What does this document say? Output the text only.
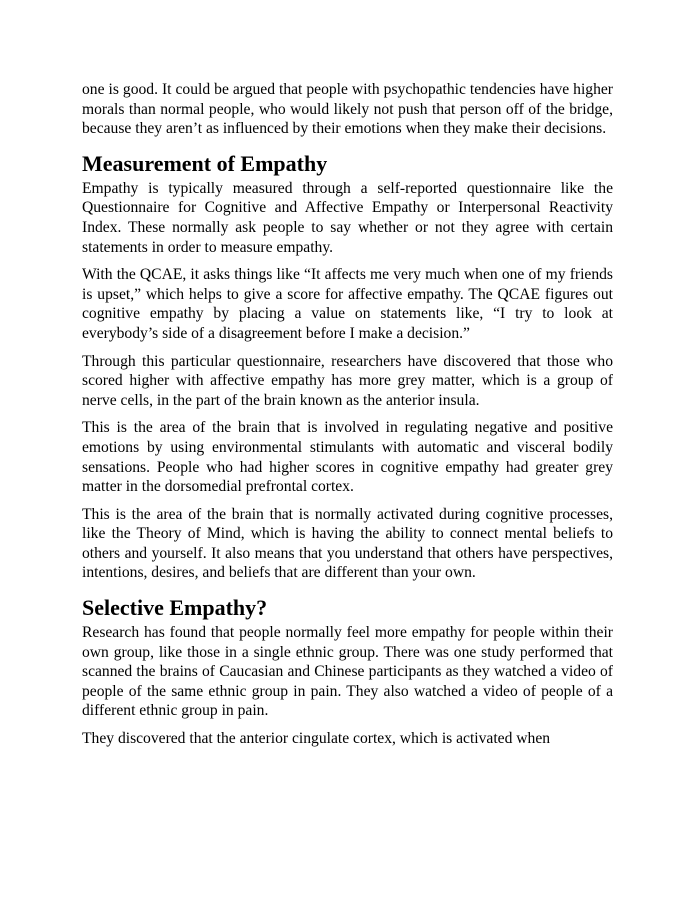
one is good. It could be argued that people with psychopathic tendencies have higher morals than normal people, who would likely not push that person off of the bridge, because they aren’t as influenced by their emotions when they make their decisions.

Measurement of Empathy

Empathy is typically measured through a self-reported questionnaire like the Questionnaire for Cognitive and Affective Empathy or Interpersonal Reactivity Index. These normally ask people to say whether or not they agree with certain statements in order to measure empathy.

With the QCAE, it asks things like “It affects me very much when one of my friends is upset,” which helps to give a score for affective empathy. The QCAE figures out cognitive empathy by placing a value on statements like, “I try to look at everybody’s side of a disagreement before I make a decision.”

Through this particular questionnaire, researchers have discovered that those who scored higher with affective empathy has more grey matter, which is a group of nerve cells, in the part of the brain known as the anterior insula.

This is the area of the brain that is involved in regulating negative and positive emotions by using environmental stimulants with automatic and visceral bodily sensations. People who had higher scores in cognitive empathy had greater grey matter in the dorsomedial prefrontal cortex.

This is the area of the brain that is normally activated during cognitive processes, like the Theory of Mind, which is having the ability to connect mental beliefs to others and yourself. It also means that you understand that others have perspectives, intentions, desires, and beliefs that are different than your own.

Selective Empathy?

Research has found that people normally feel more empathy for people within their own group, like those in a single ethnic group. There was one study performed that scanned the brains of Caucasian and Chinese participants as they watched a video of people of the same ethnic group in pain. They also watched a video of people of a different ethnic group in pain.

They discovered that the anterior cingulate cortex, which is activated when
